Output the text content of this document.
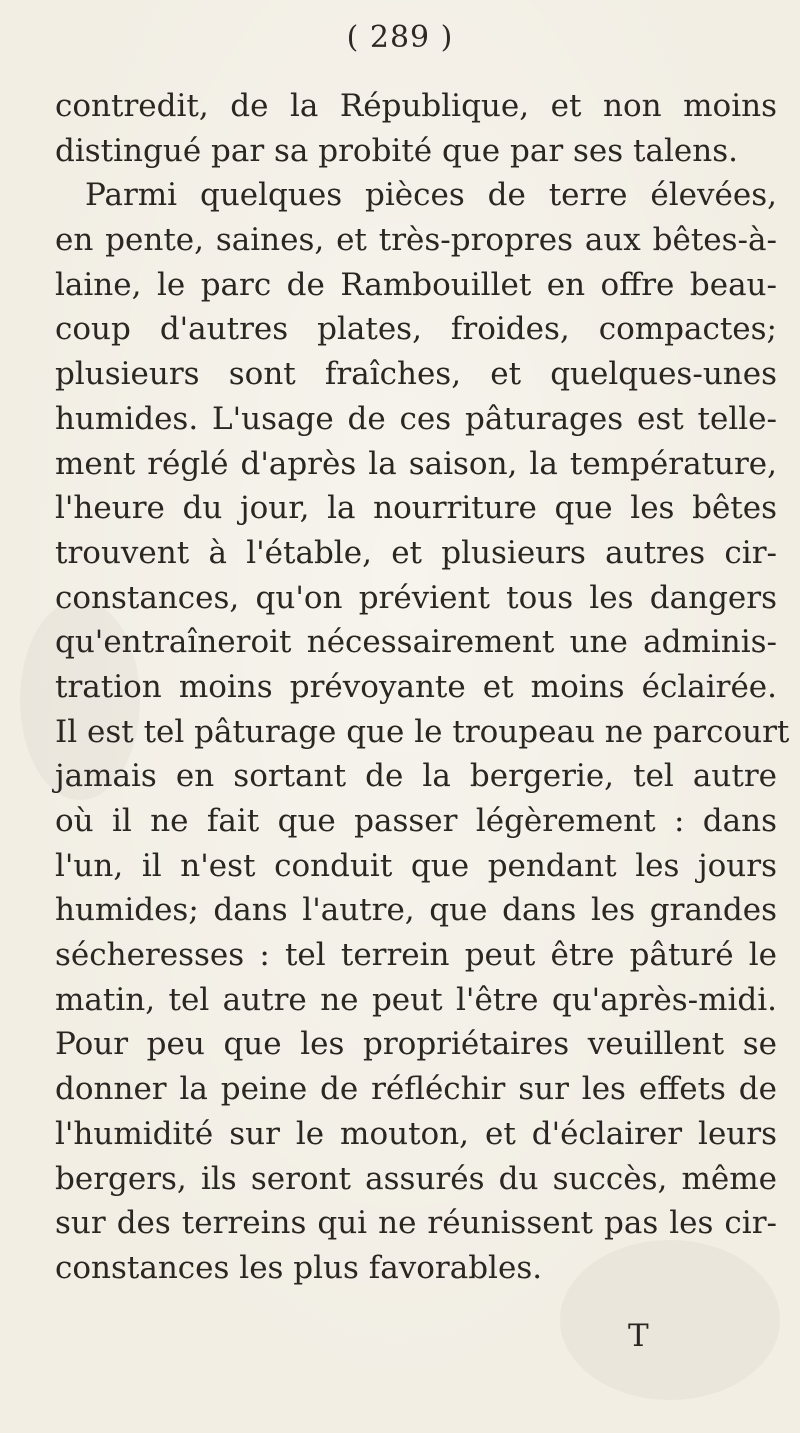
( 289 )
contredit, de la République, et non moins
distingué par sa probité que par ses talens.
Parmi quelques pièces de terre élevées,
en pente, saines, et très-propres aux bêtes-à-
laine, le parc de Rambouillet en offre beau-
coup d'autres plates, froides, compactes;
plusieurs sont fraîches, et quelques-unes
humides. L'usage de ces pâturages est telle-
ment réglé d'après la saison, la température,
l'heure du jour, la nourriture que les bêtes
trouvent à l'étable, et plusieurs autres cir-
constances, qu'on prévient tous les dangers
qu'entraîneroit nécessairement une adminis-
tration moins prévoyante et moins éclairée.
Il est tel pâturage que le troupeau ne parcourt
jamais en sortant de la bergerie, tel autre
où il ne fait que passer légèrement : dans
l'un, il n'est conduit que pendant les jours
humides; dans l'autre, que dans les grandes
sécheresses : tel terrein peut être pâturé le
matin, tel autre ne peut l'être qu'après-midi.
Pour peu que les propriétaires veuillent se
donner la peine de réfléchir sur les effets de
l'humidité sur le mouton, et d'éclairer leurs
bergers, ils seront assurés du succès, même
sur des terreins qui ne réunissent pas les cir-
constances les plus favorables.
T
